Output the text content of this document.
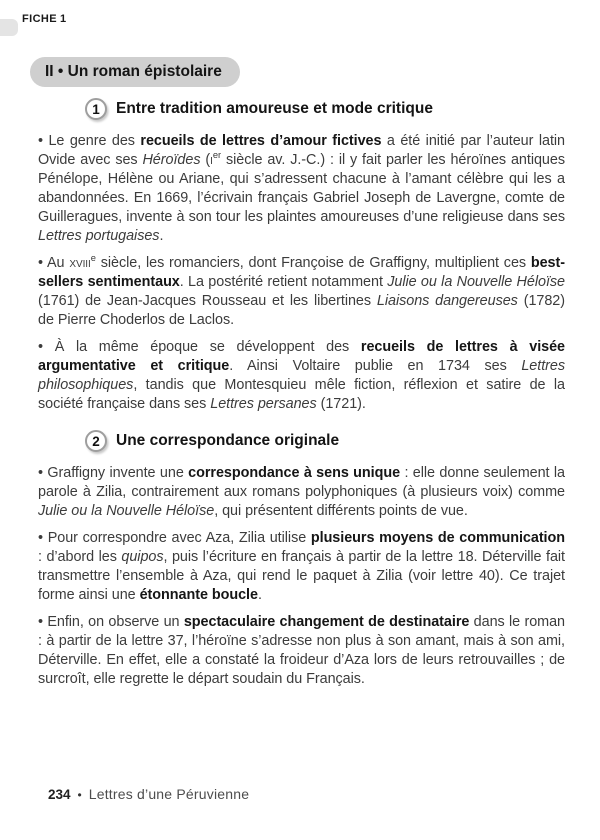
FICHE 1
II • Un roman épistolaire
1	Entre tradition amoureuse et mode critique

• Le genre des recueils de lettres d’amour fictives a été initié par l’auteur latin Ovide avec ses Héroïdes ($i^{er}$ siècle av. J.-C.) : il y fait parler les héroïnes antiques Pénélope, Hélène ou Ariane, qui s’adressent chacune à l’amant célèbre qui les a abandonnées. En 1669, l’écrivain français Gabriel Joseph de Lavergne, comte de Guilleragues, invente à son tour les plaintes amoureuses d’une religieuse dans ses Lettres portugaises.

• Au xviii$^e$ siècle, les romanciers, dont Françoise de Graffigny, multiplient ces best-sellers sentimentaux. La postérité retient notamment Julie ou la Nouvelle Héloïse (1761) de Jean-Jacques Rousseau et les libertines Liaisons dangereuses (1782) de Pierre Choderlos de Laclos.

• À la même époque se développent des recueils de lettres à visée argumentative et critique. Ainsi Voltaire publie en 1734 ses Lettres philosophiques, tandis que Montesquieu mêle fiction, réflexion et satire de la société française dans ses Lettres persanes (1721).

2	Une correspondance originale

• Graffigny invente une correspondance à sens unique : elle donne seulement la parole à Zilia, contrairement aux romans polyphoniques (à plusieurs voix) comme Julie ou la Nouvelle Héloïse, qui présentent différents points de vue.

• Pour correspondre avec Aza, Zilia utilise plusieurs moyens de communication : d’abord les quipos, puis l’écriture en français à partir de la lettre 18. Déterville fait transmettre l’ensemble à Aza, qui rend le paquet à Zilia (voir lettre 40). Ce trajet forme ainsi une étonnante boucle.

• Enfin, on observe un spectaculaire changement de destinataire dans le roman : à partir de la lettre 37, l’héroïne s’adresse non plus à son amant, mais à son ami, Déterville. En effet, elle a constaté la froideur d’Aza lors de leurs retrouvailles ; de surcroît, elle regrette le départ soudain du Français.

234 • Lettres d’une Péruvienne
